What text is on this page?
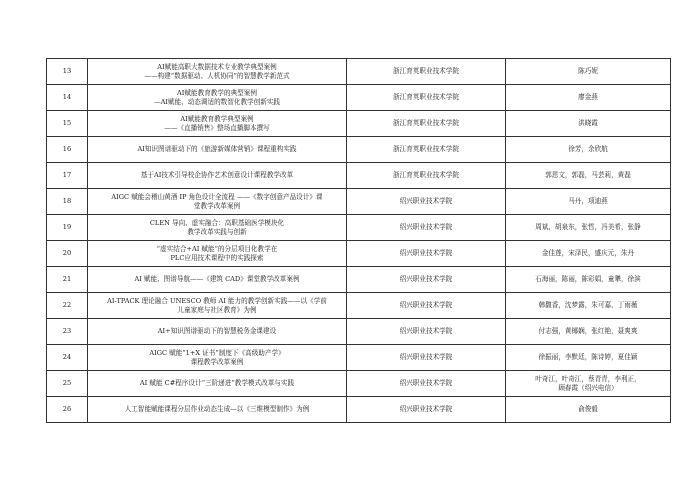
13	AI赋能高职大数据技术专业教学典型案例
——构建“数据驱动、人机协同”的智慧教学新范式	浙江育英职业技术学院	陈巧妮

14	AI赋能教育教学的典型案例
—AI赋能、动态调适的数智化教学创新实践	浙江育英职业技术学院	廖金燕

15	AI赋能教育教学典型案例
——《直播销售》整场直播脚本撰写	浙江育英职业技术学院	洪晓霞

16	AI知识图谱驱动下的《旅游新媒体营销》课程重构实践	浙江育英职业技术学院	徐芳，余欣航

17	基于AI技术引导校企协作艺术创意设计课程教学改革	浙江育英职业技术学院	郭恩文，郭磊，马芸莉，黄磊

18	AIGC 赋能会稽山黄酒 IP 角色设计全流程 ——《数字创意产品设计》课
堂教学改革案例	绍兴职业技术学院	马丹，项迪燕

19	CLEN 导向、虚实融合：高职基础医学模块化
教学改革实践与创新	绍兴职业技术学院	周斌，胡泉东，张哲，冯美希，张静

20	“虚实结合+AI 赋能”的分层项目化教学在
PLC应用技术课程中的实践探索	绍兴职业技术学院	金佳莲，宋泽民，盛庆元，朱丹

21	AI 赋能、图谱导航——《建筑 CAD》课堂教学改革案例	绍兴职业技术学院	石海丽，陈丽，陈彩娟，童犟，徐滨

22	AI-TPACK 理论融合 UNESCO 教师 AI 能力的教学创新实践——以《学前
儿童家庭与社区教育》为例	绍兴职业技术学院	韩馥香，沈梦露，朱可嘉，丁雨薇

23	AI+知识图谱驱动下的智慧税务金课建设	绍兴职业技术学院	付志强，黄椰娴，张红艳，聂爽爽

24	AIGC 赋能“1+X 证书”制度下《高级助产学》
课程教学改革案例	绍兴职业技术学院	徐振丽，李默廷，陈诗婷，夏佳颖

25	AI 赋能 C#程序设计“三阶递进”教学模式改革与实践	绍兴职业技术学院	叶奇江，叶奇江，蔡青青，李利正，
顾春霞（绍兴电信）

26	人工智能赋能课程分层作业动态生成—以《三维模型制作》为例	绍兴职业技术学院	俞俊毅
